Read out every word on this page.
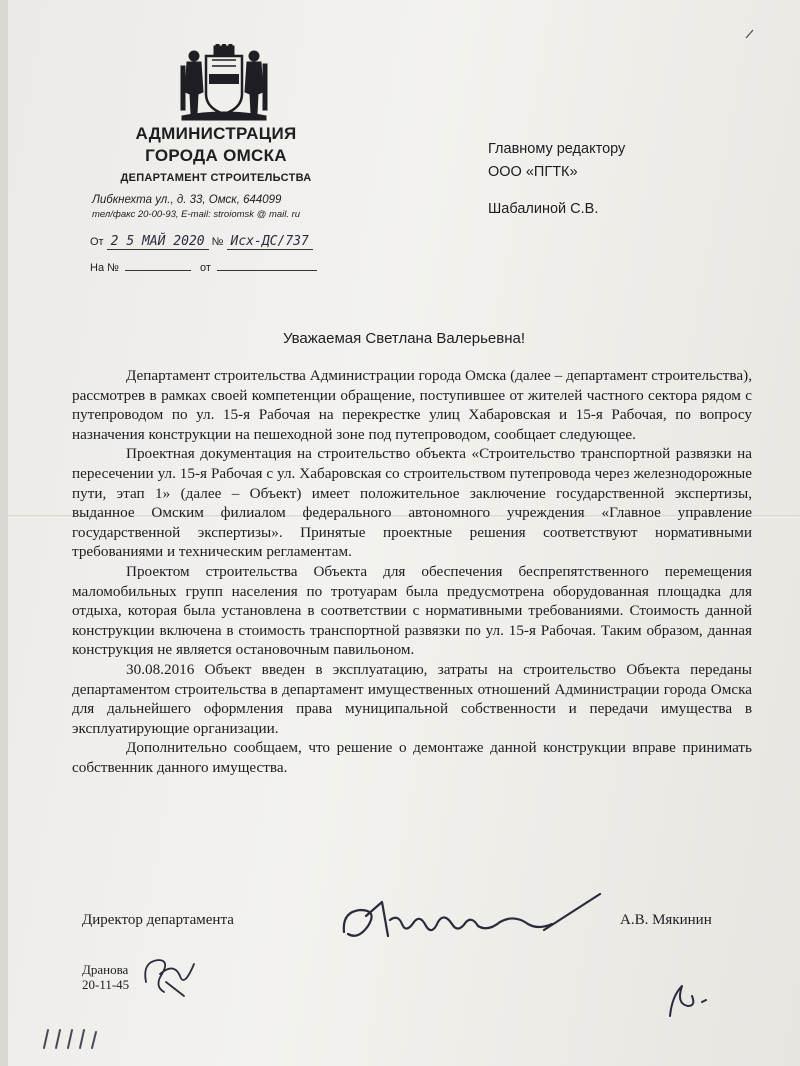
АДМИНИСТРАЦИЯ
ГОРОДА ОМСКА
ДЕПАРТАМЕНТ СТРОИТЕЛЬСТВА
Либкнехта ул., д. 33, Омск, 644099
тел/факс 20-00-93, E-mail: stroiomsk @ mail. ru
От 2 5 МАЙ 2020 № Исх-ДС/737
На №	от
Главному редактору
ООО «ПГТК»
Шабалиной С.В.
Уважаемая Светлана Валерьевна!

Департамент строительства Администрации города Омска (далее – департамент строительства), рассмотрев в рамках своей компетенции обращение, поступившее от жителей частного сектора рядом с путепроводом по ул. 15-я Рабочая на перекрестке улиц Хабаровская и 15-я Рабочая, по вопросу назначения конструкции на пешеходной зоне под путепроводом, сообщает следующее.

Проектная документация на строительство объекта «Строительство транспортной развязки на пересечении ул. 15-я Рабочая с ул. Хабаровская со строительством путепровода через железнодорожные пути, этап 1» (далее – Объект) имеет положительное заключение государственной экспертизы, выданное Омским филиалом федерального автономного учреждения «Главное управление государственной экспертизы». Принятые проектные решения соответствуют нормативными требованиями и техническим регламентам.

Проектом строительства Объекта для обеспечения беспрепятственного перемещения маломобильных групп населения по тротуарам была предусмотрена оборудованная площадка для отдыха, которая была установлена в соответствии с нормативными требованиями. Стоимость данной конструкции включена в стоимость транспортной развязки по ул. 15-я Рабочая. Таким образом, данная конструкция не является остановочным павильоном.

30.08.2016 Объект введен в эксплуатацию, затраты на строительство Объекта переданы департаментом строительства в департамент имущественных отношений Администрации города Омска для дальнейшего оформления права муниципальной собственности и передачи имущества в эксплуатирующие организации.

Дополнительно сообщаем, что решение о демонтаже данной конструкции вправе принимать собственник данного имущества.

Директор департамента	А.В. Мякинин
Дранова
20-11-45
